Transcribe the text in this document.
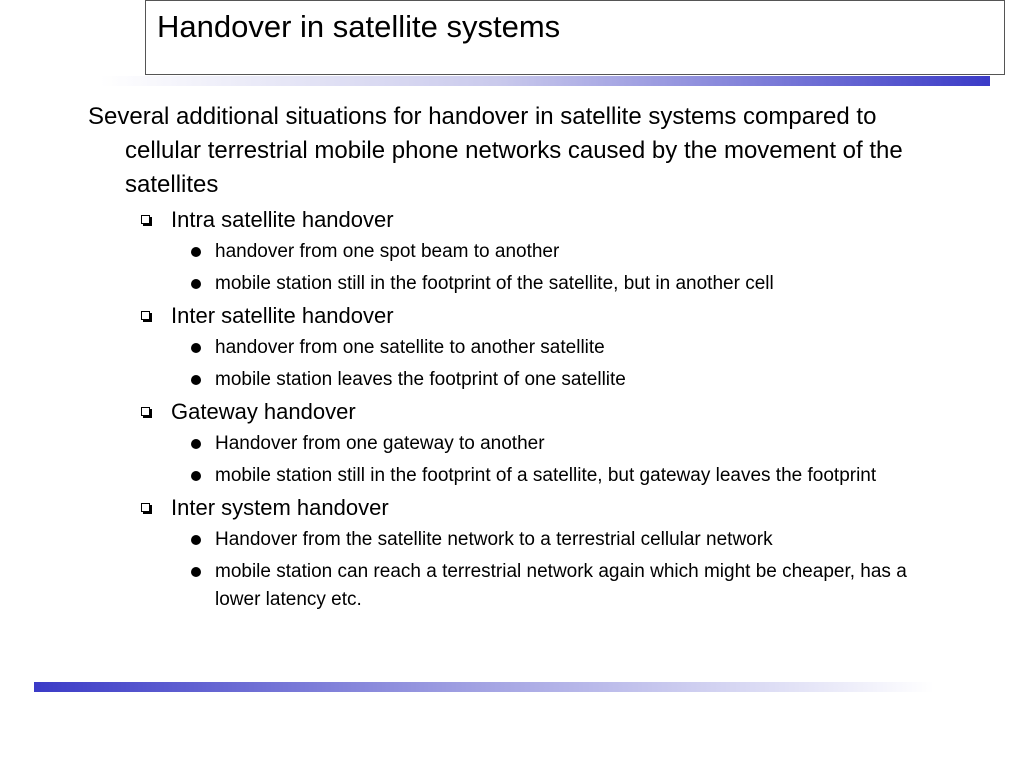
Handover in satellite systems

Several additional situations for handover in satellite systems compared to cellular terrestrial mobile phone networks caused by the movement of the satellites

Intra satellite handover
handover from one spot beam to another
mobile station still in the footprint of the satellite, but in another cell
Inter satellite handover
handover from one satellite to another satellite
mobile station leaves the footprint of one satellite
Gateway handover
Handover from one gateway to another
mobile station still in the footprint of a satellite, but gateway leaves the footprint
Inter system handover
Handover from the satellite network to a terrestrial cellular network
mobile station can reach a terrestrial network again which might be cheaper, has a lower latency etc.
